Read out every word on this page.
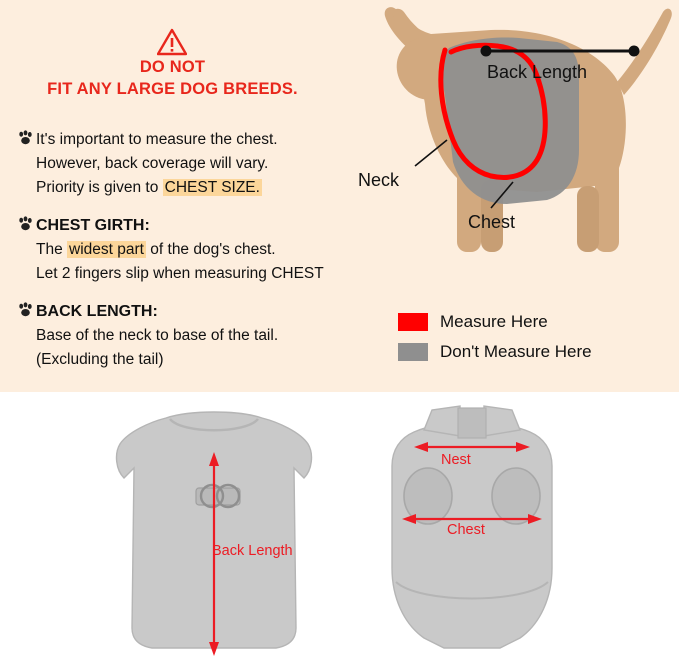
DO NOT
FIT ANY LARGE DOG BREEDS.
It's important to measure the chest.
However, back coverage will vary.
Priority is given to CHEST SIZE.
CHEST GIRTH:
The widest part of the dog's chest.
Let 2 fingers slip when measuring CHEST
BACK LENGTH:
Base of the neck to base of the tail.
(Excluding the tail)
Back Length
Neck
Chest
Measure Here
Don't Measure Here
Back Length
Nest
Chest
